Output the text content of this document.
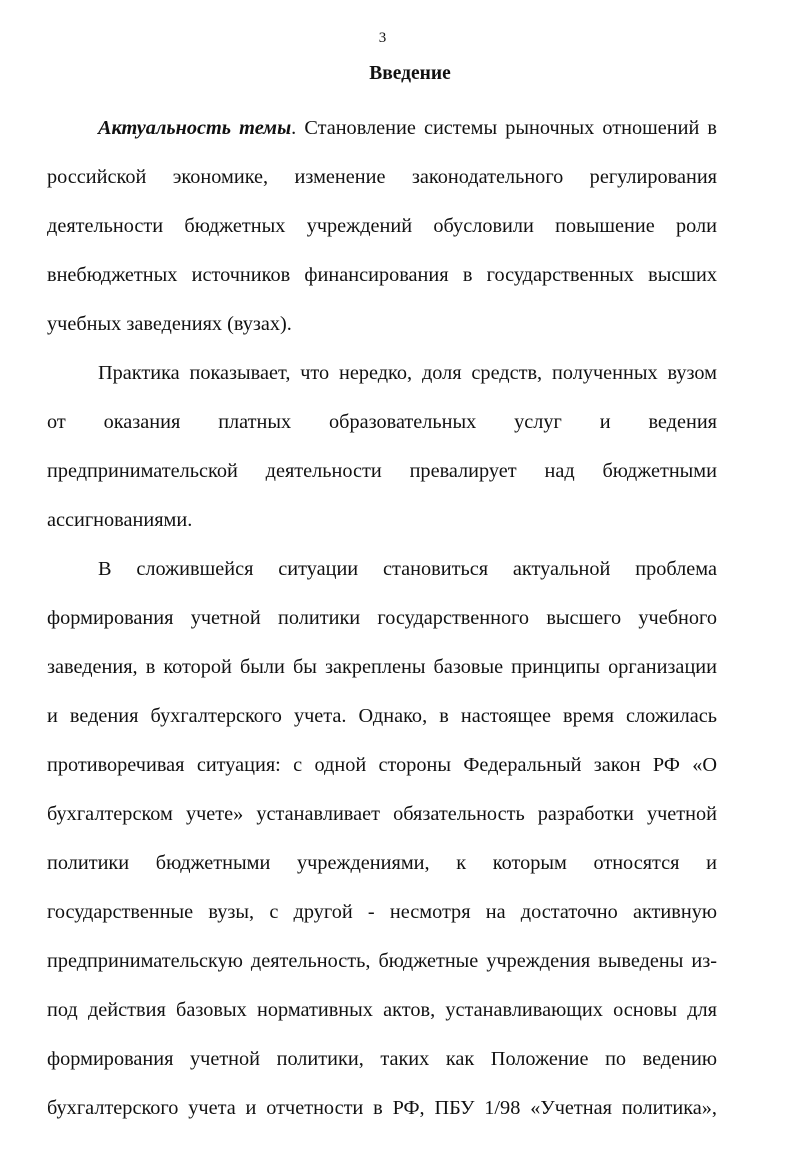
3
Введение
Актуальность темы. Становление системы рыночных отношений в
российской экономике, изменение законодательного регулирования
деятельности бюджетных учреждений обусловили повышение роли
внебюджетных источников финансирования в государственных высших
учебных заведениях (вузах).
Практика показывает, что нередко, доля средств, полученных вузом
от оказания платных образовательных услуг и ведения
предпринимательской деятельности превалирует над бюджетными
ассигнованиями.
В сложившейся ситуации становиться актуальной проблема
формирования учетной политики государственного высшего учебного
заведения, в которой были бы закреплены базовые принципы организации
и ведения бухгалтерского учета. Однако, в настоящее время сложилась
противоречивая ситуация: с одной стороны Федеральный закон РФ «О
бухгалтерском учете» устанавливает обязательность разработки учетной
политики бюджетными учреждениями, к которым относятся и
государственные вузы, с другой - несмотря на достаточно активную
предпринимательскую деятельность, бюджетные учреждения выведены из-
под действия базовых нормативных актов, устанавливающих основы для
формирования учетной политики, таких как Положение по ведению
бухгалтерского учета и отчетности в РФ, ПБУ 1/98 «Учетная политика»,
